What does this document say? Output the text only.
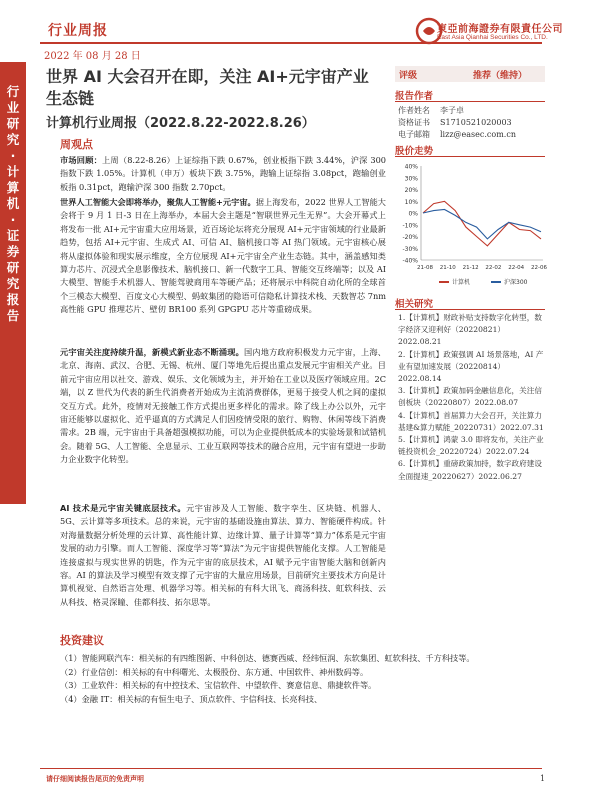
行业周报
2022 年 08 月 28 日
東亞前海證券有限責任公司
East Asia Qianhai Securities Co., LTD.
行
业
研
究
·
计
算
机
·
证
券
研
究
报
告
世界 AI 大会召开在即，关注 AI+元宇宙产业生态链
计算机行业周报（2022.8.22-2022.8.26）
周观点

市场回顾：上周（8.22-8.26）上证综指下跌 0.67%，创业板指下跌 3.44%，沪深 300 指数下跌 1.05%。计算机（申万）板块下跌 3.75%，跑输上证综指 3.08pct，跑输创业板指 0.31pct，跑输沪深 300 指数 2.70pct。

世界人工智能大会即将举办，聚焦人工智能+元宇宙。据上海发布，2022 世界人工智能大会将于 9 月 1 日-3 日在上海举办，本届大会主题是“智联世界元生无界”。大会开幕式上将发布一批 AI+元宇宙重大应用场景，近百场论坛将充分展现 AI+元宇宙领域的行业最新趋势，包括 AI+元宇宙、生成式 AI、可信 AI、脑机接口等 AI 热门领域。元宇宙核心展将从虚拟体验和现实展示维度，全方位展现 AI+元宇宙全产业生态链。其中，涵盖感知类算力芯片、沉浸式全息影像技术、脑机接口、新一代数字工具、智能交互终端等；以及 AI 大模型、智能手术机器人、智能驾驶商用车等硬产品；还将展示中科院自动化所的全球首个三模态大模型、百度文心大模型、蚂蚁集团的隐语可信隐私计算技术栈、天数智芯 7nm 高性能 GPU 推理芯片、壁仞 BR100 系列 GPGPU 芯片等重磅成果。

元宇宙关注度持续升温，新模式新业态不断涌现。国内地方政府积极发力元宇宙，上海、北京、海南、武汉、合肥、无锡、杭州、厦门等地先后提出重点发展元宇宙相关产业。目前元宇宙应用以社交、游戏、娱乐、文化领域为主，并开始在工业以及医疗领域应用。2C 端，以 Z 世代为代表的新生代消费者开始成为主流消费群体，更易于接受人机之间的虚拟交互方式。此外，疫情对无接触工作方式提出更多样化的需求。除了线上办公以外，元宇宙还能够以虚拟化、近乎逼真的方式满足人们因疫情受限的旅行、购物、休闲等线下消费需求。2B 端，元宇宙由于具备超强模拟功能，可以为企业提供低成本的实验场景和试错机会。随着 5G、人工智能、全息显示、工业互联网等技术的融合应用，元宇宙有望进一步助力企业数字化转型。

AI 技术是元宇宙关键底层技术。元宇宙涉及人工智能、数字孪生、区块链、机器人、5G、云计算等多项技术。总的来说，元宇宙的基础设施由算法、算力、智能硬件构成。针对海量数据分析处理的云计算、高性能计算、边缘计算、量子计算等“算力”体系是元宇宙发展的动力引擎。而人工智能、深度学习等“算法”为元宇宙提供智能化支撑。人工智能是连接虚拟与现实世界的钥匙，作为元宇宙的底层技术，AI 赋予元宇宙智能大脑和创新内容。AI 的算法及学习模型有效支撑了元宇宙的大量应用场景，目前研究主要技术方向是计算机视觉、自然语言处理、机器学习等。相关标的有科大讯飞、商汤科技、虹软科技、云从科技、格灵深瞳、佳都科技、拓尔思等。

投资建议
（1）智能网联汽车：相关标的有四维图新、中科创达、德赛西威、经纬恒润、东软集团、虹软科技、千方科技等。
（2）行业信创：相关标的有中科曙光、太极股份、东方通、中国软件、神州数码等。
（3）工业软件：相关标的有中控技术、宝信软件、中望软件、赛意信息、鼎捷软件等。
（4）金融 IT：相关标的有恒生电子、顶点软件、宇信科技、长亮科技、
评级	推荐（维持）
报告作者
作者姓名 李子卓
资格证书 S1710521020003
电子邮箱 lizz@easec.com.cn
股价走势
40%
30%
20%
10%
0%
-10%
-20%
-30%
-40%
21-08 21-10 21-12 22-02 22-04 22-06
计算机	沪深300
相关研究
1.【计算机】财政补贴支持数字化转型，数字经济又迎利好（20220821）2022.08.21
2.【计算机】政策强调 AI 场景落地，AI 产业有望加速发展（20220814）2022.08.14
3.【计算机】政策加码金融信息化，关注信创板块（20220807）2022.08.07
4.【计算机】首届算力大会召开，关注算力基建&算力赋能_20220731）2022.07.31
5.【计算机】鸿蒙 3.0 即将发布，关注产业链投资机会_20220724）2022.07.24
6.【计算机】重磅政策加持，数字政府建设全面提速_20220627）2022.06.27
请仔细阅读报告尾页的免责声明	1
